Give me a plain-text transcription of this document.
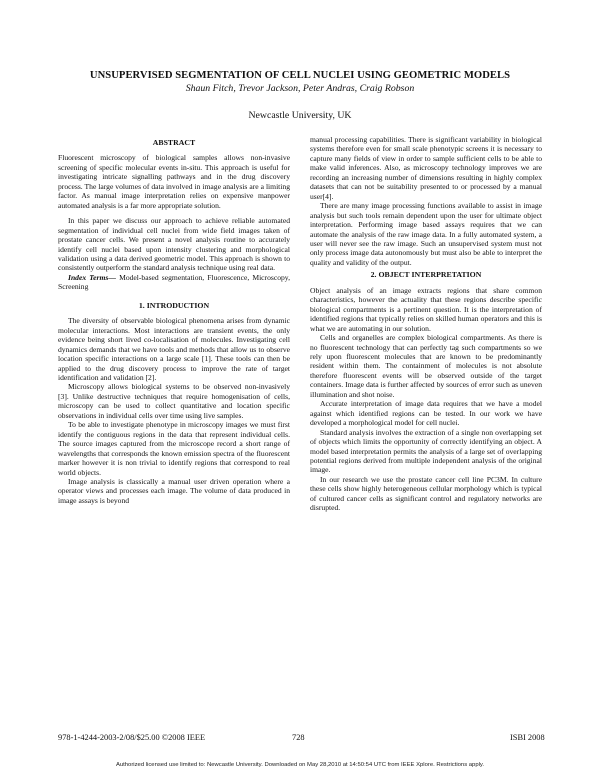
UNSUPERVISED SEGMENTATION OF CELL NUCLEI USING GEOMETRIC MODELS
Shaun Fitch, Trevor Jackson, Peter Andras, Craig Robson
Newcastle University, UK
ABSTRACT

Fluorescent microscopy of biological samples allows non-invasive screening of specific molecular events in-situ. This approach is useful for investigating intricate signalling pathways and in the drug discovery process. The large volumes of data involved in image analysis are a limiting factor. As manual image interpretation relies on expensive manpower automated analysis is a far more appropriate solution.

In this paper we discuss our approach to achieve reliable automated segmentation of individual cell nuclei from wide field images taken of prostate cancer cells. We present a novel analysis routine to accurately identify cell nuclei based upon intensity clustering and morphological validation using a data derived geometric model. This approach is shown to consistently outperform the standard analysis technique using real data.

Index Terms— Model-based segmentation, Fluorescence, Microscopy, Screening

1. INTRODUCTION

The diversity of observable biological phenomena arises from dynamic molecular interactions. Most interactions are transient events, the only evidence being short lived co-localisation of molecules. Investigating cell dynamics demands that we have tools and methods that allow us to observe location specific interactions on a large scale [1]. These tools can then be applied to the drug discovery process to improve the rate of target identification and validation [2].

Microscopy allows biological systems to be observed non-invasively [3]. Unlike destructive techniques that require homogenisation of cells, microscopy can be used to collect quantitative and location specific observations in individual cells over time using live samples.

To be able to investigate phenotype in microscopy images we must first identify the contiguous regions in the data that represent individual cells. The source images captured from the microscope record a short range of wavelengths that corresponds the known emission spectra of the fluorescent marker however it is non trivial to identify regions that correspond to real world objects.

Image analysis is classically a manual user driven operation where a operator views and processes each image. The volume of data produced in image assays is beyond

manual processing capabilities. There is significant variability in biological systems therefore even for small scale phenotypic screens it is necessary to capture many fields of view in order to sample sufficient cells to be able to make valid inferences. Also, as microscopy technology improves we are recording an increasing number of dimensions resulting in highly complex datasets that can not be suitability presented to or processed by a manual user[4].

There are many image processing functions available to assist in image analysis but such tools remain dependent upon the user for ultimate object interpretation. Performing image based assays requires that we can automate the analysis of the raw image data. In a fully automated system, a user will never see the raw image. Such an unsupervised system must not only process image data autonomously but must also be able to interpret the quality and validity of the output.

2. OBJECT INTERPRETATION

Object analysis of an image extracts regions that share common characteristics, however the actuality that these regions describe specific biological compartments is a pertinent question. It is the interpretation of identified regions that typically relies on skilled human operators and this is what we are automating in our solution.

Cells and organelles are complex biological compartments. As there is no fluorescent technology that can perfectly tag such compartments so we rely upon fluorescent molecules that are known to be predominantly resident within them. The containment of molecules is not absolute therefore fluorescent events will be observed outside of the target containers. Image data is further affected by sources of error such as uneven illumination and shot noise.

Accurate interpretation of image data requires that we have a model against which identified regions can be tested. In our work we have developed a morphological model for cell nuclei.

Standard analysis involves the extraction of a single non overlapping set of objects which limits the opportunity of correctly identifying an object. A model based interpretation permits the analysis of a large set of overlapping potential regions derived from multiple independent analysis of the original image.

In our research we use the prostate cancer cell line PC3M. In culture these cells show highly heterogeneous cellular morphology which is typical of cultured cancer cells as significant control and regulatory networks are disrupted.

978-1-4244-2003-2/08/$25.00 ©2008 IEEE	728	ISBI 2008
Authorized licensed use limited to: Newcastle University. Downloaded on May 28,2010 at 14:50:54 UTC from IEEE Xplore. Restrictions apply.
